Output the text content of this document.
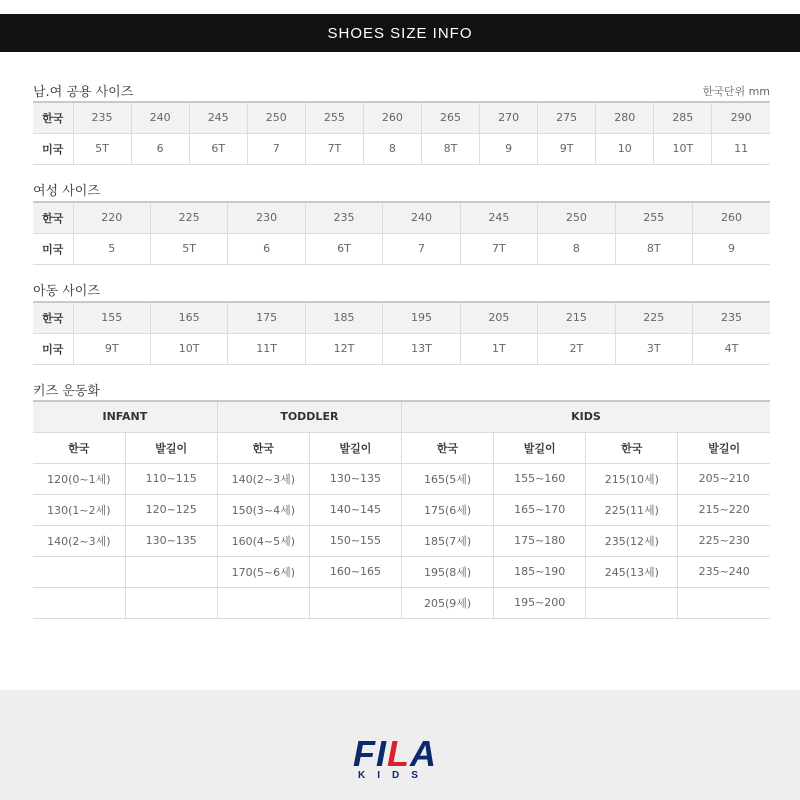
SHOES SIZE INFO
남.여 공용 사이즈	한국단위 mm
한국	235	240	245	250	255	260	265	270	275	280	285	290
미국	5T	6	6T	7	7T	8	8T	9	9T	10	10T	11
여성 사이즈
한국	220	225	230	235	240	245	250	255	260
미국	5	5T	6	6T	7	7T	8	8T	9
아동 사이즈
한국	155	165	175	185	195	205	215	225	235
미국	9T	10T	11T	12T	13T	1T	2T	3T	4T
키즈 운동화
INFANT		TODDLER		KIDS			
한국	발길이	한국	발길이	한국	발길이	한국	발길이
120(0~1세)	110~115	140(2~3세)	130~135	165(5세)	155~160	215(10세)	205~210
130(1~2세)	120~125	150(3~4세)	140~145	175(6세)	165~170	225(11세)	215~220
140(2~3세)	130~135	160(4~5세)	150~155	185(7세)	175~180	235(12세)	225~230
		170(5~6세)	160~165	195(8세)	185~190	245(13세)	235~240
				205(9세)	195~200		
FILA
KIDS
